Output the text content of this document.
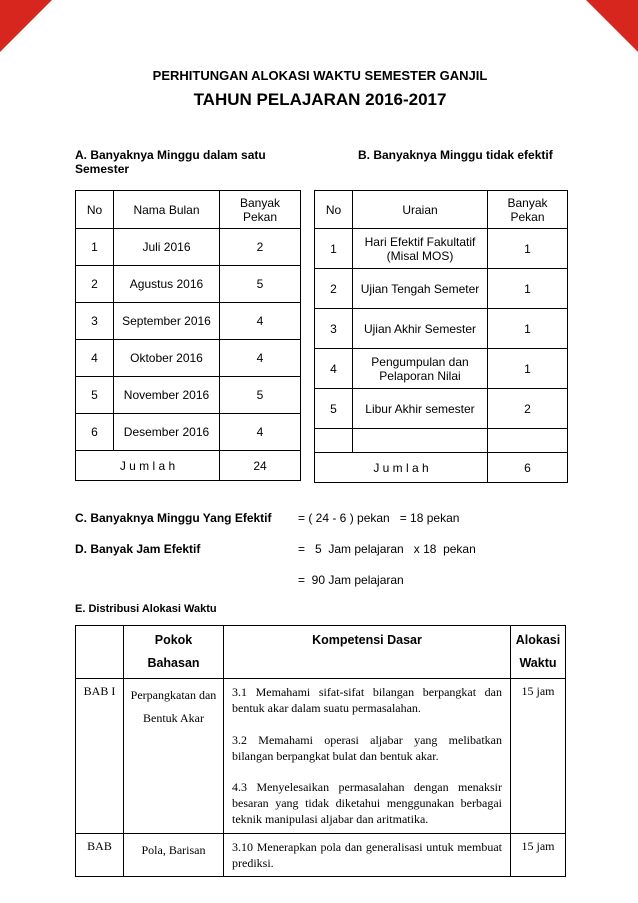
PERHITUNGAN ALOKASI WAKTU SEMESTER GANJIL
TAHUN PELAJARAN 2016-2017
A. Banyaknya Minggu dalam satu Semester
B. Banyaknya Minggu tidak efektif
No	Nama Bulan	Banyak Pekan
1	Juli 2016	2
2	Agustus 2016	5
3	September 2016	4
4	Oktober 2016	4
5	November 2016	5
6	Desember 2016	4
J u m l a h		24
No	Uraian	Banyak Pekan
1	Hari Efektif Fakultatif (Misal MOS)	1
2	Ujian Tengah Semeter	1
3	Ujian Akhir Semester	1
4	Pengumpulan dan Pelaporan Nilai	1
5	Libur Akhir semester	2

J u m l a h		6
C. Banyaknya Minggu Yang Efektif	= ( 24 - 6 ) pekan   = 18 pekan
D. Banyak Jam Efektif	=   5  Jam pelajaran   x 18  pekan
=  90 Jam pelajaran
E. Distribusi Alokasi Waktu
	Pokok Bahasan	Kompetensi Dasar	Alokasi Waktu
BAB I	Perpangkatan dan Bentuk Akar	3.1 Memahami sifat-sifat bilangan berpangkat dan bentuk akar dalam suatu permasalahan.

3.2 Memahami operasi aljabar yang melibatkan bilangan berpangkat bulat dan bentuk akar.

4.3 Menyelesaikan permasalahan dengan menaksir besaran yang tidak diketahui menggunakan berbagai teknik manipulasi aljabar dan aritmatika.	15 jam
BAB	Pola, Barisan	3.10 Menerapkan pola dan generalisasi untuk membuat prediksi.	15 jam
